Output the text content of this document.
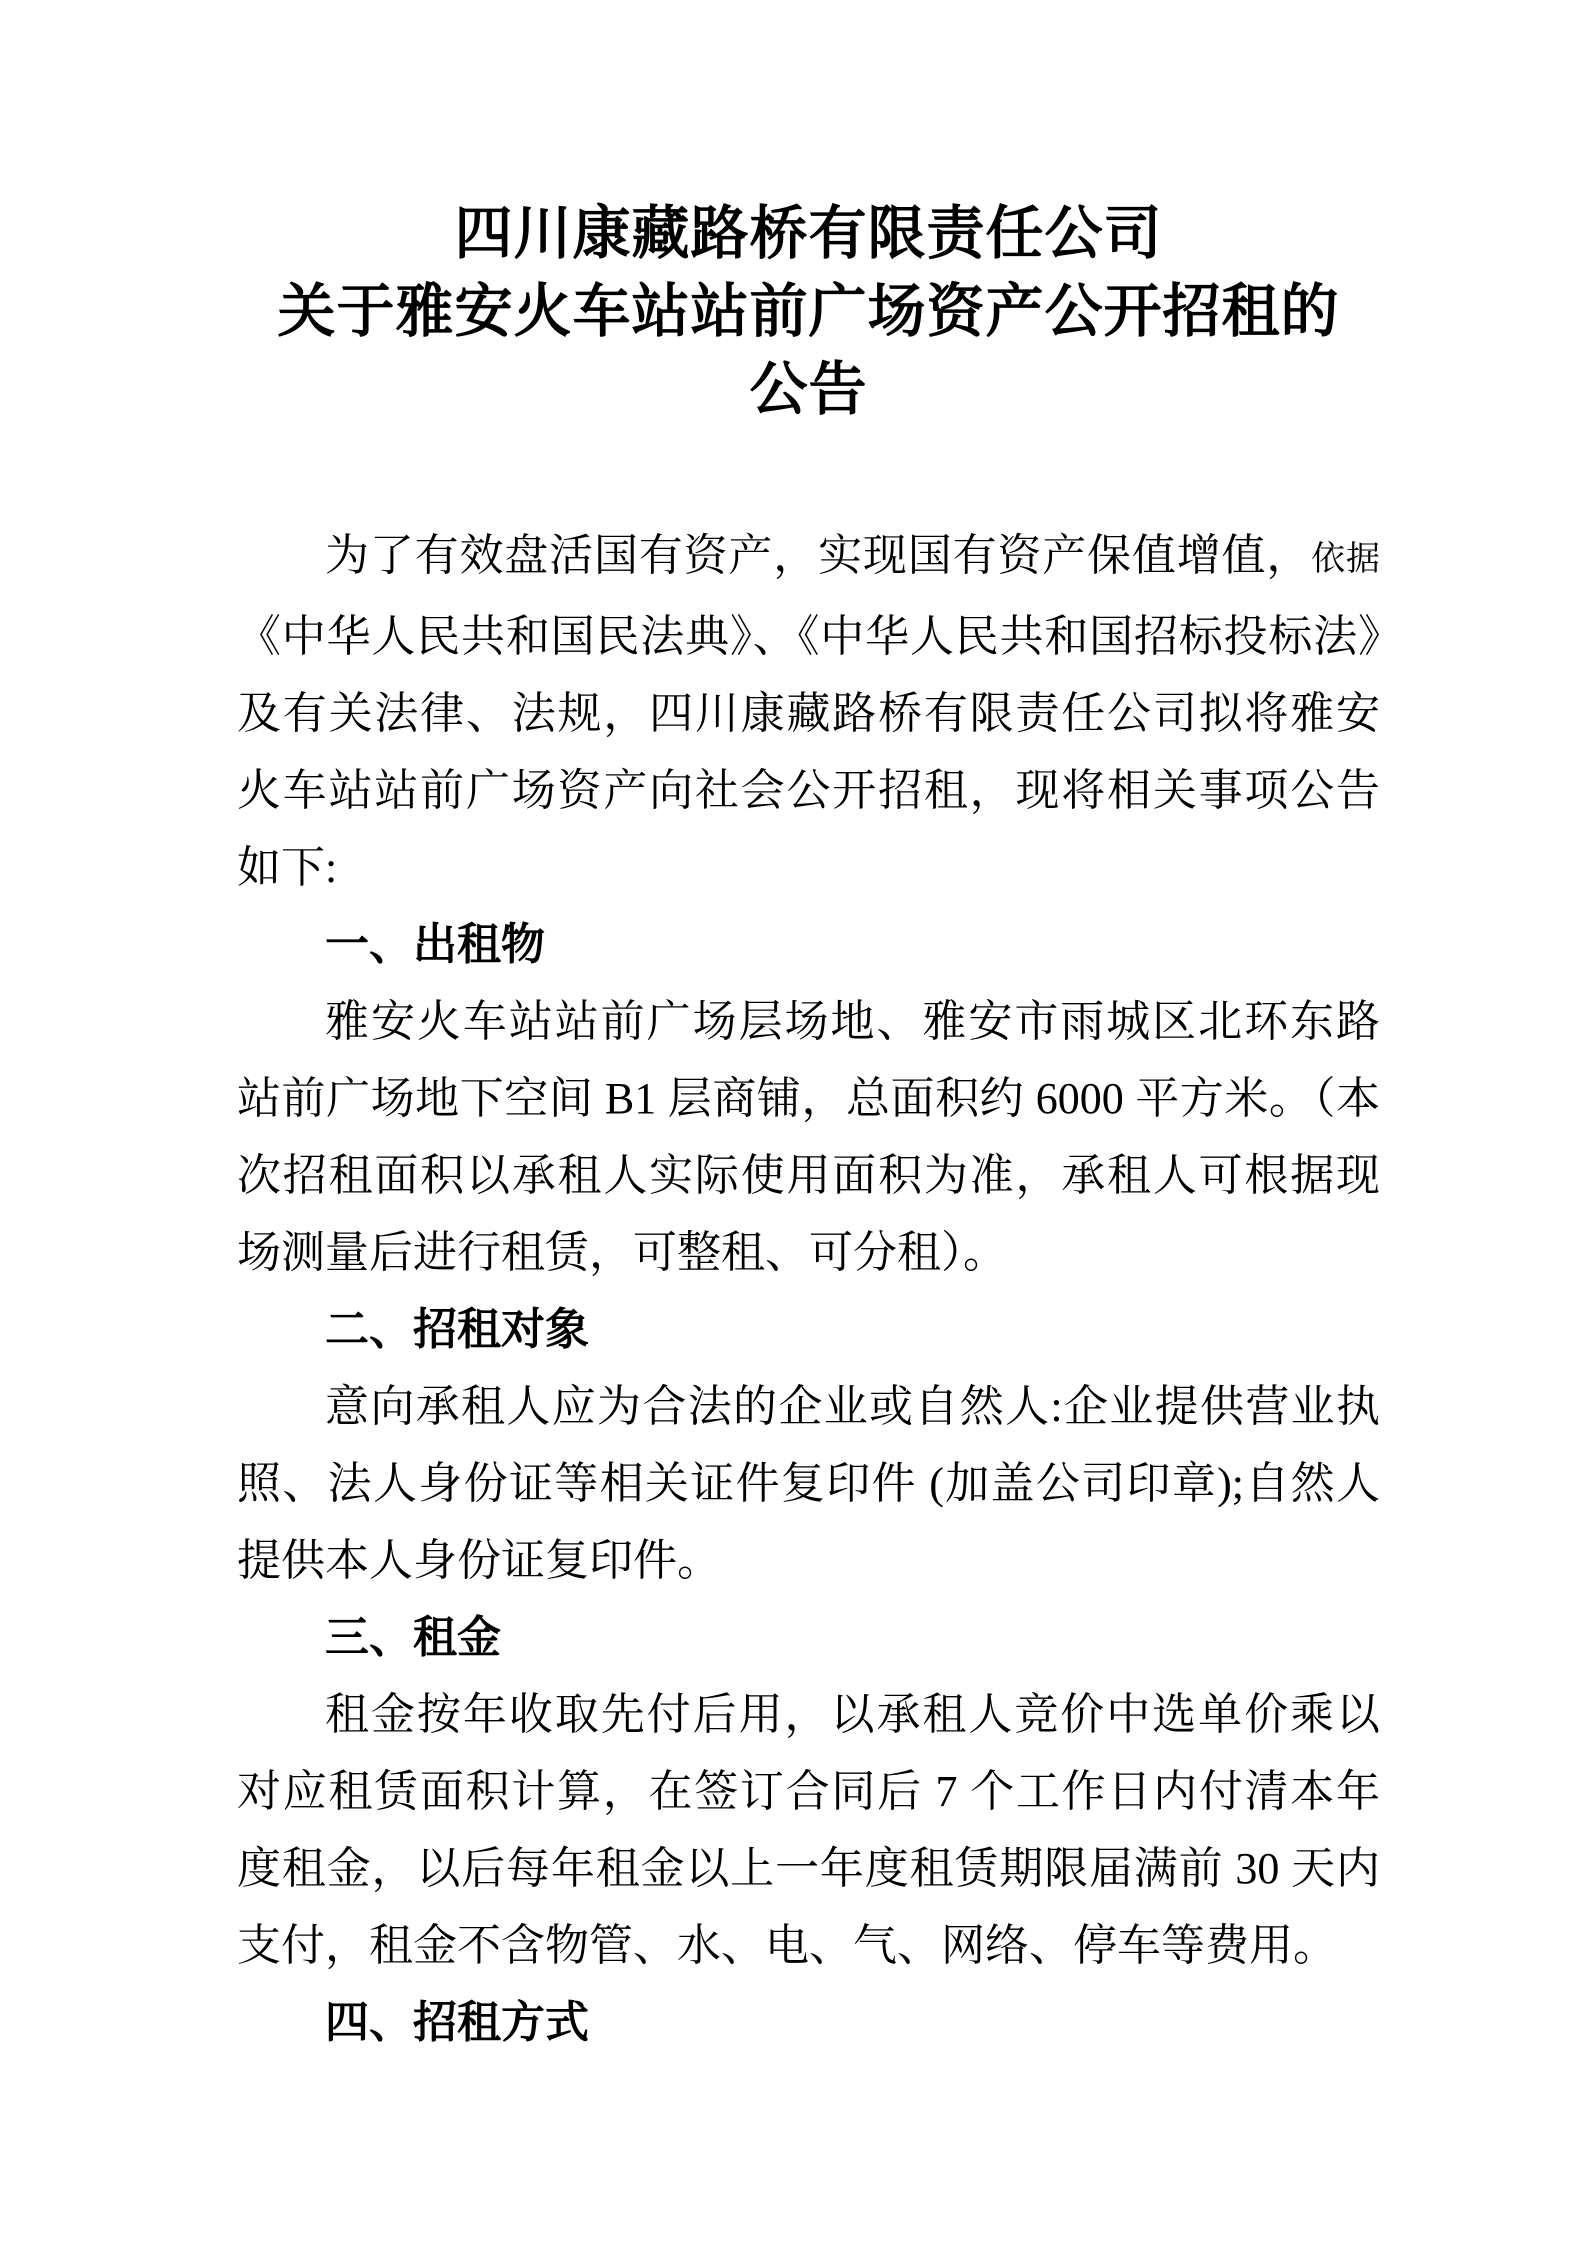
四川康藏路桥有限责任公司
关于雅安火车站站前广场资产公开招租的
公告

为了有效盘活国有资产，实现国有资产保值增值，依据《中华人民共和国民法典》、《中华人民共和国招标投标法》及有关法律、法规，四川康藏路桥有限责任公司拟将雅安火车站站前广场资产向社会公开招租，现将相关事项公告如下:

一、出租物

雅安火车站站前广场层场地、雅安市雨城区北环东路站前广场地下空间 B1 层商铺，总面积约 6000 平方米。（本次招租面积以承租人实际使用面积为准，承租人可根据现场测量后进行租赁，可整租、可分租）。

二、招租对象

意向承租人应为合法的企业或自然人:企业提供营业执照、法人身份证等相关证件复印件 (加盖公司印章);自然人提供本人身份证复印件。

三、租金

租金按年收取先付后用，以承租人竞价中选单价乘以对应租赁面积计算，在签订合同后 7 个工作日内付清本年度租金，以后每年租金以上一年度租赁期限届满前 30 天内支付，租金不含物管、水、电、气、网络、停车等费用。

四、招租方式
